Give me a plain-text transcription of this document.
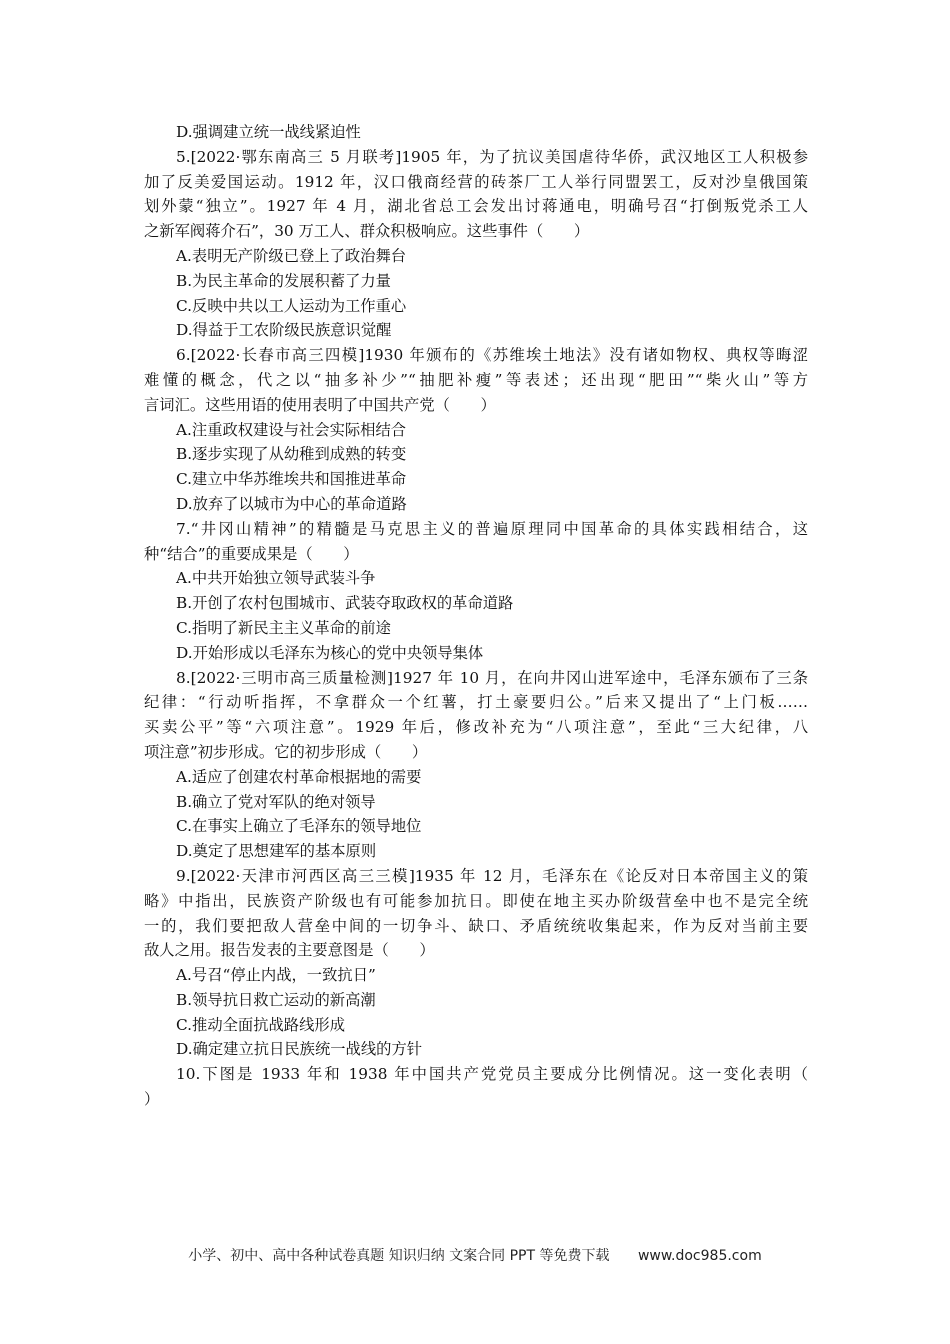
D.强调建立统一战线紧迫性

5.[2022·鄂东南高三 5 月联考]1905 年，为了抗议美国虐待华侨，武汉地区工人积极参

加了反美爱国运动。1912 年，汉口俄商经营的砖茶厂工人举行同盟罢工，反对沙皇俄国策

划外蒙“独立”。1927 年 4 月，湖北省总工会发出讨蒋通电，明确号召“打倒叛党杀工人

之新军阀蒋介石”，30 万工人、群众积极响应。这些事件（　　）

A.表明无产阶级已登上了政治舞台

B.为民主革命的发展积蓄了力量

C.反映中共以工人运动为工作重心

D.得益于工农阶级民族意识觉醒

6.[2022·长春市高三四模]1930 年颁布的《苏维埃土地法》没有诸如物权、典权等晦涩

难懂的概念，代之以“抽多补少”“抽肥补瘦”等表述；还出现“肥田”“柴火山”等方

言词汇。这些用语的使用表明了中国共产党（　　）

A.注重政权建设与社会实际相结合

B.逐步实现了从幼稚到成熟的转变

C.建立中华苏维埃共和国推进革命

D.放弃了以城市为中心的革命道路

7.“井冈山精神”的精髓是马克思主义的普遍原理同中国革命的具体实践相结合，这

种“结合”的重要成果是（　　）

A.中共开始独立领导武装斗争

B.开创了农村包围城市、武装夺取政权的革命道路

C.指明了新民主主义革命的前途

D.开始形成以毛泽东为核心的党中央领导集体

8.[2022·三明市高三质量检测]1927 年 10 月，在向井冈山进军途中，毛泽东颁布了三条

纪律：“行动听指挥，不拿群众一个红薯，打土豪要归公。”后来又提出了“上门板……

买卖公平”等“六项注意”。1929 年后，修改补充为“八项注意”，至此“三大纪律，八

项注意”初步形成。它的初步形成（　　）

A.适应了创建农村革命根据地的需要

B.确立了党对军队的绝对领导

C.在事实上确立了毛泽东的领导地位

D.奠定了思想建军的基本原则

9.[2022·天津市河西区高三三模]1935 年 12 月，毛泽东在《论反对日本帝国主义的策

略》中指出，民族资产阶级也有可能参加抗日。即使在地主买办阶级营垒中也不是完全统

一的，我们要把敌人营垒中间的一切争斗、缺口、矛盾统统收集起来，作为反对当前主要

敌人之用。报告发表的主要意图是（　　）

A.号召“停止内战，一致抗日”

B.领导抗日救亡运动的新高潮

C.推动全面抗战路线形成

D.确定建立抗日民族统一战线的方针

10.下图是 1933 年和 1938 年中国共产党党员主要成分比例情况。这一变化表明（

）

小学、初中、高中各种试卷真题 知识归纳 文案合同 PPT 等免费下载 www.doc985.com
